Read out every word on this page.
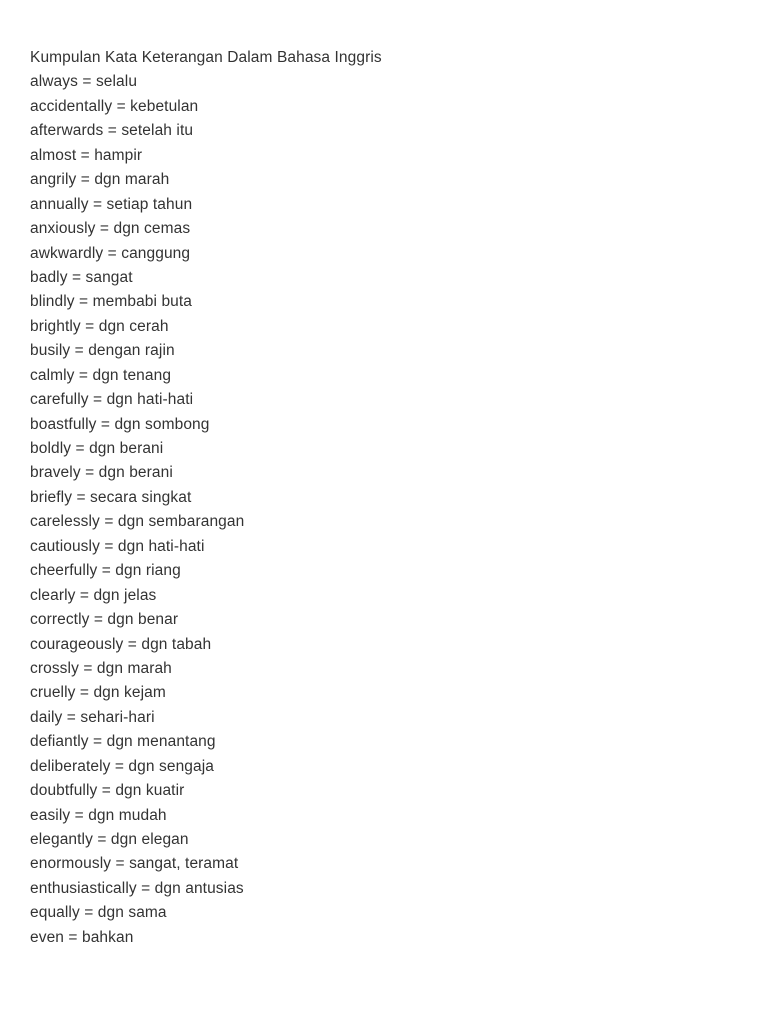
Kumpulan Kata Keterangan Dalam Bahasa Inggris
always = selalu
accidentally = kebetulan
afterwards = setelah itu
almost = hampir
angrily = dgn marah
annually = setiap tahun
anxiously = dgn cemas
awkwardly = canggung
badly = sangat
blindly = membabi buta
brightly = dgn cerah
busily = dengan rajin
calmly = dgn tenang
carefully = dgn hati-hati
boastfully = dgn sombong
boldly = dgn berani
bravely = dgn berani
briefly = secara singkat
carelessly = dgn sembarangan
cautiously = dgn hati-hati
cheerfully = dgn riang
clearly = dgn jelas
correctly = dgn benar
courageously = dgn tabah
crossly = dgn marah
cruelly = dgn kejam
daily = sehari-hari
defiantly = dgn menantang
deliberately = dgn sengaja
doubtfully = dgn kuatir
easily = dgn mudah
elegantly = dgn elegan
enormously = sangat, teramat
enthusiastically = dgn antusias
equally = dgn sama
even = bahkan
